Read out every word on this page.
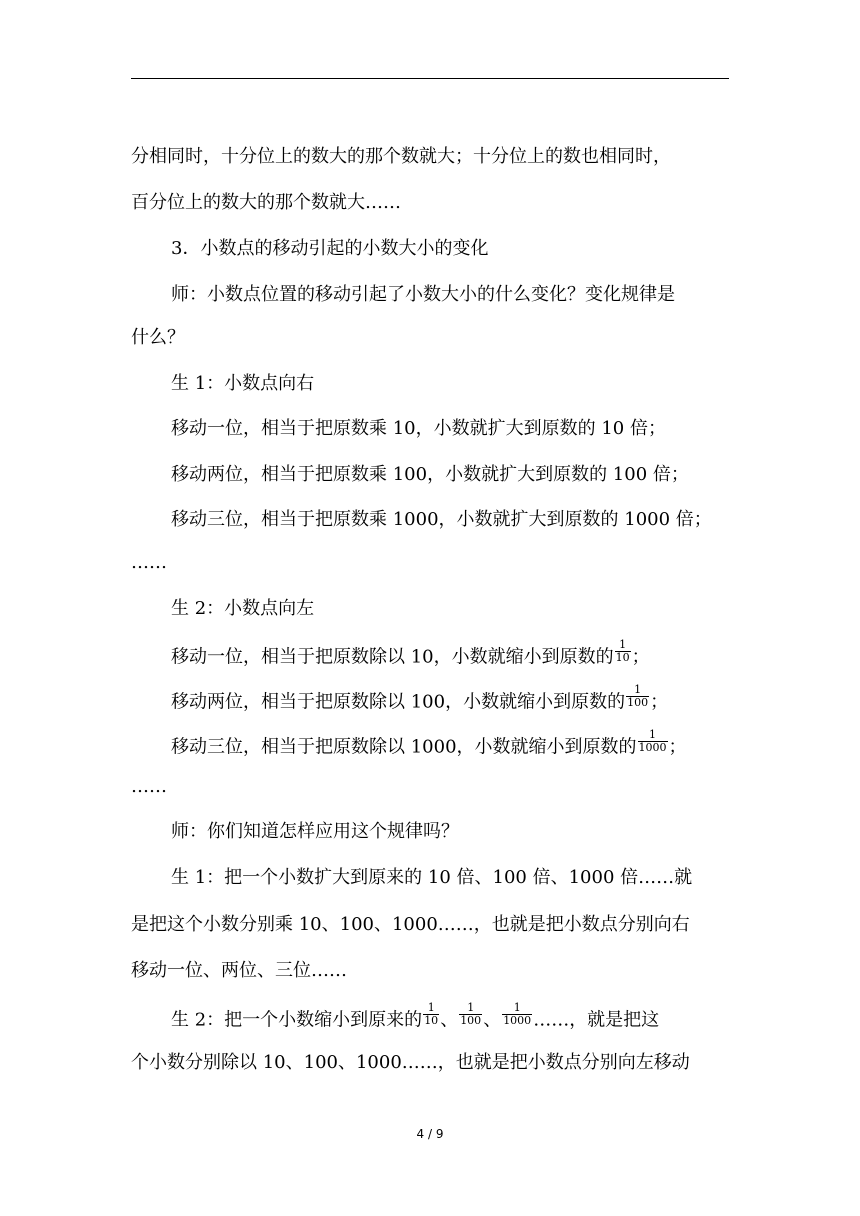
分相同时，十分位上的数大的那个数就大；十分位上的数也相同时，
百分位上的数大的那个数就大……
3．小数点的移动引起的小数大小的变化
师：小数点位置的移动引起了小数大小的什么变化？变化规律是
什么？
生 1：小数点向右
移动一位，相当于把原数乘 10，小数就扩大到原数的 10 倍；
移动两位，相当于把原数乘 100，小数就扩大到原数的 100 倍；
移动三位，相当于把原数乘 1000，小数就扩大到原数的 1000 倍；
……
生 2：小数点向左
移动一位，相当于把原数除以 10，小数就缩小到原数的 $\frac{1}{10}$ ；
移动两位，相当于把原数除以 100，小数就缩小到原数的 $\frac{1}{100}$ ；
移动三位，相当于把原数除以 1000，小数就缩小到原数的 $\frac{1}{1000}$ ；
……
师：你们知道怎样应用这个规律吗？
生 1：把一个小数扩大到原来的 10 倍、100 倍、1000 倍……就
是把这个小数分别乘 10、100、1000……，也就是把小数点分别向右
移动一位、两位、三位……
生 2：把一个小数缩小到原来的 $\frac{1}{10}$ 、 $\frac{1}{100}$ 、 $\frac{1}{1000}$ ……，就是把这
个小数分别除以 10、100、1000……，也就是把小数点分别向左移动
4 / 9
